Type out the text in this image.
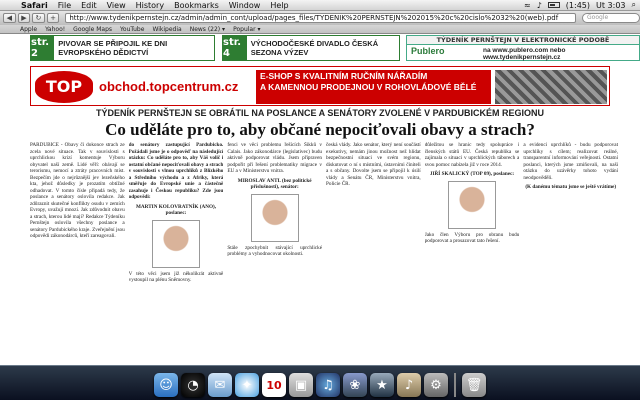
Safari	File	Edit	View	History	Bookmarks	Window	Help	≈ ♪	(1:45) Ut 3:03 ⌕
◀	▶	↻	+	http://www.tydenikpernstejn.cz/admin/admin_cont/upload/pages_files/TYDENIK%20PERNSTEJN%202015%20c%20cislo%2032%20(web).pdf	Google
Apple Yahoo! Google Maps YouTube Wikipedia News (22) ▾ Popular ▾
str. 2
PIVOVAR SE PŘIPOJIL KE DNI EVROPSKÉHO DĚDICTVÍ
str. 4
VÝCHODOČESKÉ DIVADLO ČESKÁ SEZONA VÝZEV
TÝDENÍK PERNŠTEJN V ELEKTRONICKÉ PODOBĚ
Publero	na www.publero.com nebo
www.tydenikpernstejn.cz
TOP	obchod.topcentrum.cz
E-SHOP S KVALITNÍM RUČNÍM NÁŘADÍM
A KAMENNOU PRODEJNOU V ROHOVLÁDOVÉ BĚLÉ
TÝDENÍK PERNŠTEJN SE OBRÁTIL NA POSLANCE A SENÁTORY ZVOLENÉ V PARDUBICKÉM REGIONU
Co uděláte pro to, aby občané nepociťovali obavy a strach?
PARDUBICE - Obavy či dokonce strach ze zcela nové situace. Tak v souvislosti s uprchlickou krizí komentuje Výboru obyvatel naší země. Lidé věří: obávají se terorismu, nemocí a ztráty pracovních míst. Bezpečím jde o nejrůznější jev lezeňského kta, jehož důsledky je prozatím obtížné odhadovat. V tomto čísle připadá tedy, že poslance a senátory oslovila redakce. Jak zdůraznit skutečné konflikty osudu v zemích Evropy, uvažují mnozí. Jak zdůvodnit obavu a strach, kterou lidé mají? Redakce Týdeníku Pernštejn oslovila všechny poslance a senátory Pardubického kraje. Zveřejnění jsou odpovědi zákonodárců, kteří zareagovali.
do senátory zastupující Pardubicko. Požádali jsme je o odpověď na následující otázku: Co uděláte pro to, aby Váš volič i ostatní občané nepociťovali obavy a strach v souvislosti s vlnou uprchlíků z Blízkého a Středního východu a z Afriky, která směřuje do Evropské unie a částečně zasahuje i Českou republiku? Zde jsou odpovědi:
MARTIN KOLOVRATNÍK (ANO), poslanec:
V této věci jsem již několikrát aktivně vystoupil na plénu Sněmovny.
fenci ve věci problemu řešících Šikků v Calais. Jako zákonodárce (legislativec) budu aktivně podporovat vládu. Jsem připraven podpořit při řešení problematiky migrace v EU a v Ministerstvu vnitra.
MIROSLAV ANTL (bez politické příslušnosti), senátor:
Stále zpochybnit stávající uprchlické problémy a vyhodnocovat okolnosti.
česká vlády. Jako senátor, který není součástí exekutivy, nemám jinou možnost než hlídat bezpečnostní situaci ve svém regionu, diskutovat o ní s místními, ústavními činiteli a s občany. Dovolte jsem se připojil k úsilí vlády a Senátu ČR, Ministerstvu vnitra, Policie ČR.
důležitou se hranic tedy spolupráce i členských států EU. Česká republika se zajímala o situaci v uprchlických táborech a svou pomoc nabízela již v roce 2014.
JIŘÍ SKALICKÝ (TOP 09), poslanec:
Jako člen Výboru pro obranu budu podporovat a prosazovat tato řešení.
a evidenci uprchlíků - budu podporovat uprchlíky s cílem; realizovat reálné, transparentní informování veřejnosti. Ostatní poslanci, kterých jsme zmiňovali, na naši otázku do uzávěrky tohoto vydání neodpověděli.
(K danému tématu jsme se ještě vrátíme)
☺	◔	✉	✦	10	▣	♫	❀	★	♪	⚙	🗑
